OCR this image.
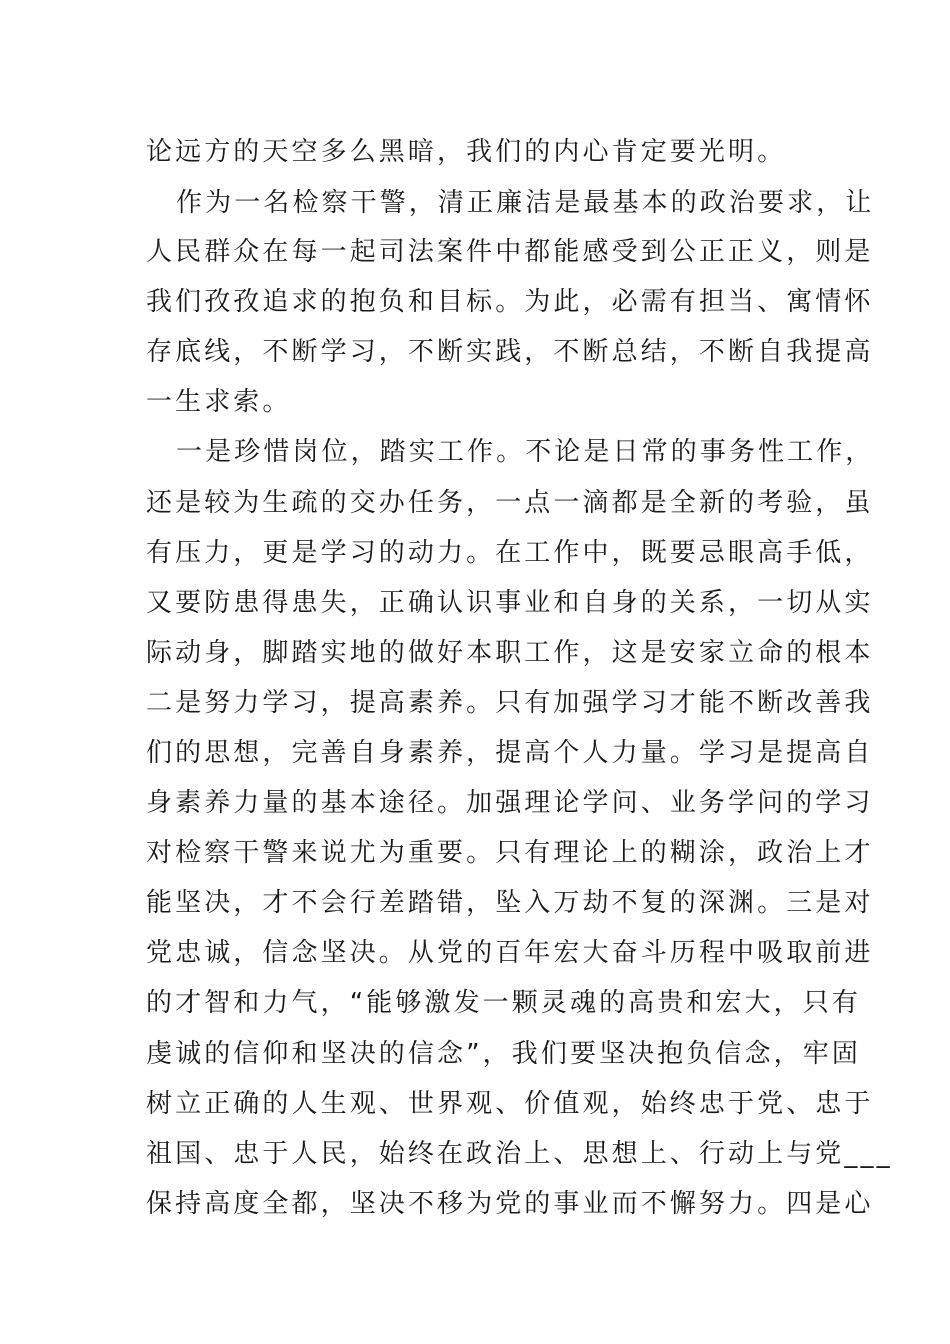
论远方的天空多么黑暗，我们的内心肯定要光明。
作为一名检察干警，清正廉洁是最基本的政治要求，让
人民群众在每一起司法案件中都能感受到公正正义，则是
我们孜孜追求的抱负和目标。为此，必需有担当、寓情怀
存底线，不断学习，不断实践，不断总结，不断自我提高
一生求索。
一是珍惜岗位，踏实工作。不论是日常的事务性工作，
还是较为生疏的交办任务，一点一滴都是全新的考验，虽
有压力，更是学习的动力。在工作中，既要忌眼高手低，
又要防患得患失，正确认识事业和自身的关系，一切从实
际动身，脚踏实地的做好本职工作，这是安家立命的根本
二是努力学习，提高素养。只有加强学习才能不断改善我
们的思想，完善自身素养，提高个人力量。学习是提高自
身素养力量的基本途径。加强理论学问、业务学问的学习
对检察干警来说尤为重要。只有理论上的糊涂，政治上才
能坚决，才不会行差踏错，坠入万劫不复的深渊。三是对
党忠诚，信念坚决。从党的百年宏大奋斗历程中吸取前进
的才智和力气，“能够激发一颗灵魂的高贵和宏大，只有
虔诚的信仰和坚决的信念”，我们要坚决抱负信念，牢固
树立正确的人生观、世界观、价值观，始终忠于党、忠于
祖国、忠于人民，始终在政治上、思想上、行动上与党___
保持高度全都，坚决不移为党的事业而不懈努力。四是心
